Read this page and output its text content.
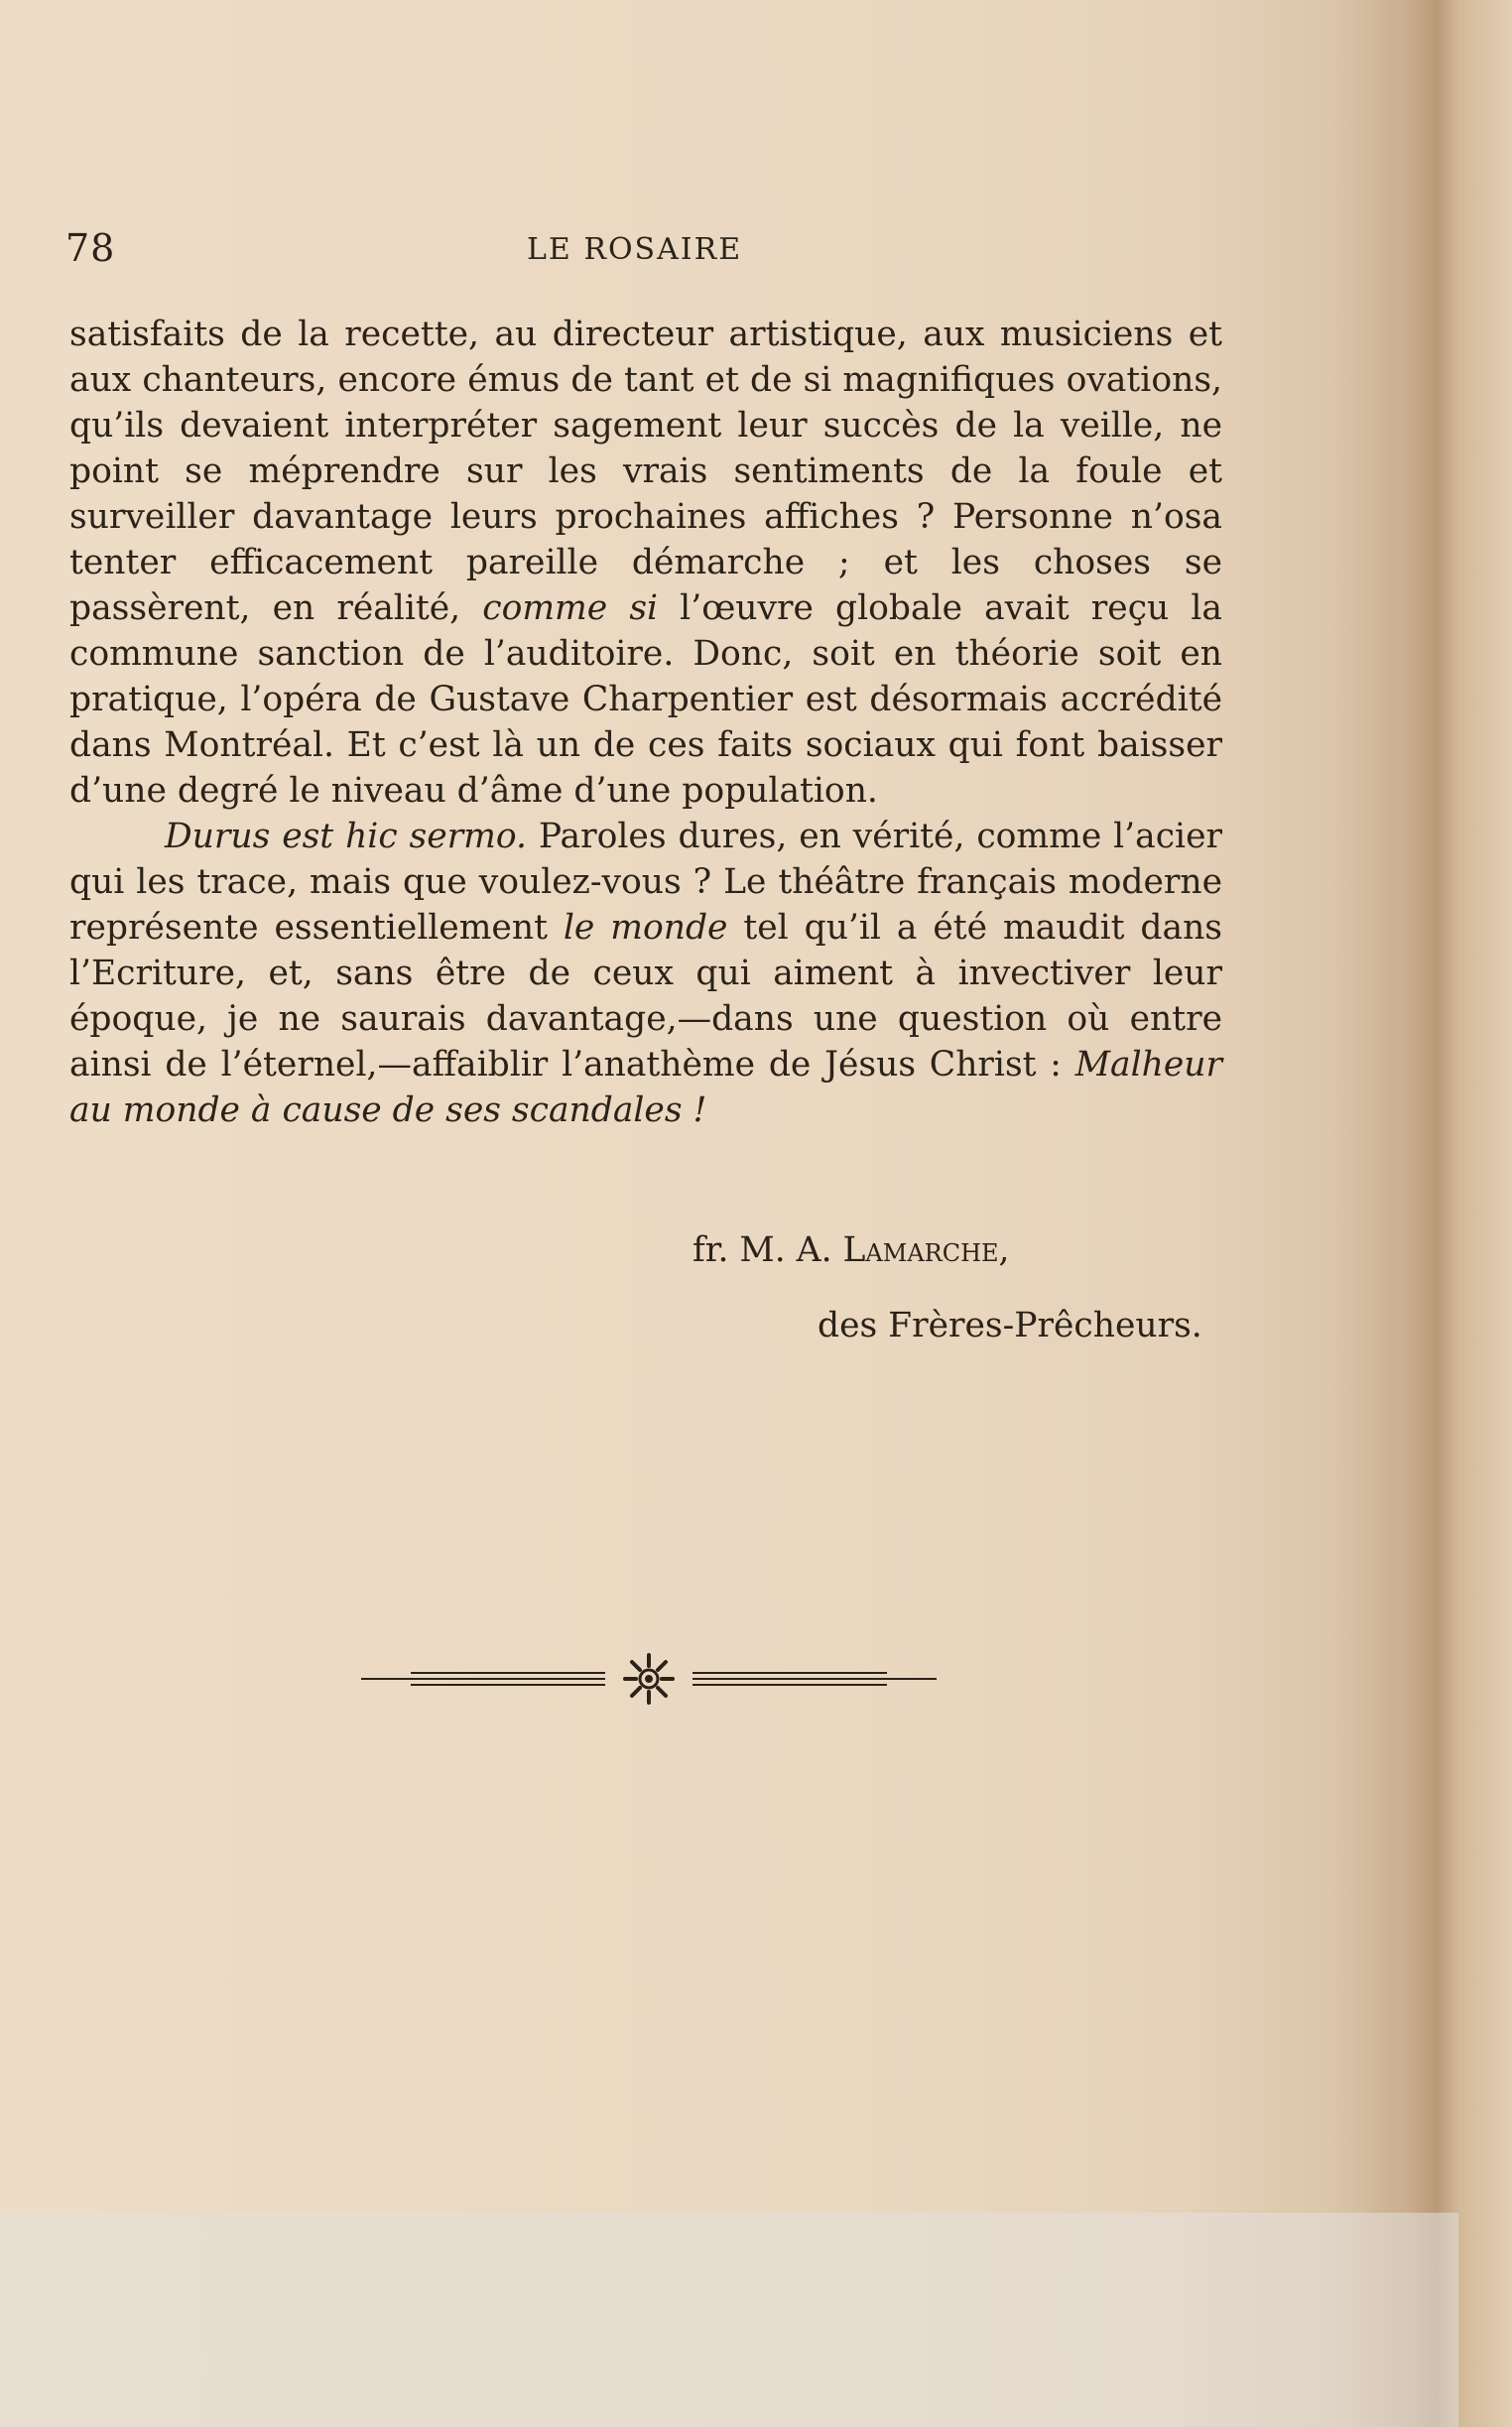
78	LE ROSAIRE

satisfaits de la recette, au directeur artistique, aux musiciens et aux chanteurs, encore émus de tant et de si magnifiques ovations, qu’ils devaient interpréter sagement leur succès de la veille, ne point se méprendre sur les vrais sentiments de la foule et surveiller davantage leurs prochaines affiches ? Personne n’osa tenter efficacement pareille démarche ; et les choses se passèrent, en réalité, comme si l’œuvre globale avait reçu la commune sanction de l’auditoire. Donc, soit en théorie soit en pratique, l’opéra de Gustave Charpentier est désormais accrédité dans Montréal. Et c’est là un de ces faits sociaux qui font baisser d’une degré le niveau d’âme d’une population.

Durus est hic sermo. Paroles dures, en vérité, comme l’acier qui les trace, mais que voulez-vous ? Le théâtre français moderne représente essentiellement le monde tel qu’il a été maudit dans l’Ecriture, et, sans être de ceux qui aiment à invectiver leur époque, je ne saurais davantage,—dans une question où entre ainsi de l’éternel,—affaiblir l’anathème de Jésus Christ : Malheur au monde à cause de ses scandales !

fr. M. A. Lamarche,
des Frères-Prêcheurs.
